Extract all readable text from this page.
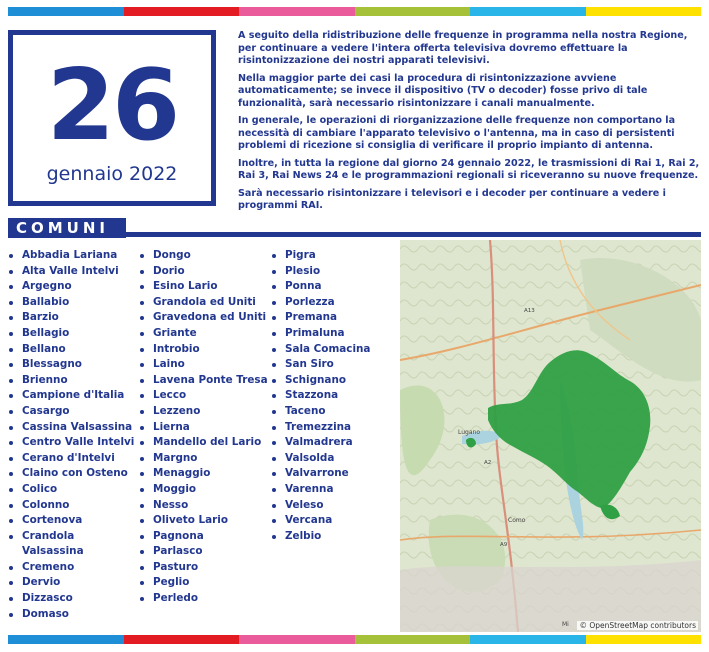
26
gennaio 2022

A seguito della ridistribuzione delle frequenze in programma nella nostra Regione, per continuare a vedere l'intera offerta televisiva dovremo effettuare la risintonizzazione dei nostri apparati televisivi.

Nella maggior parte dei casi la procedura di risintonizzazione avviene automaticamente; se invece il dispositivo (TV o decoder) fosse privo di tale funzionalità, sarà necessario risintonizzare i canali manualmente.

In generale, le operazioni di riorganizzazione delle frequenze non comportano la necessità di cambiare l'apparato televisivo o l'antenna, ma in caso di persistenti problemi di ricezione si consiglia di verificare il proprio impianto di antenna.

Inoltre, in tutta la regione dal giorno 24 gennaio 2022, le trasmissioni di Rai 1, Rai 2, Rai 3, Rai News 24 e le programmazioni regionali si riceveranno su nuove frequenze.

Sarà necessario risintonizzare i televisori e i decoder per continuare a vedere i programmi RAI.

COMUNI
Abbadia Lariana
Alta Valle Intelvi
Argegno
Ballabio
Barzio
Bellagio
Bellano
Blessagno
Brienno
Campione d'Italia
Casargo
Cassina Valsassina
Centro Valle Intelvi
Cerano d'Intelvi
Claino con Osteno
Colico
Colonno
Cortenova
Crandola Valsassina
Cremeno
Dervio
Dizzasco
Domaso
Dongo
Dorio
Esino Lario
Grandola ed Uniti
Gravedona ed Uniti
Griante
Introbio
Laino
Lavena Ponte Tresa
Lecco
Lezzeno
Lierna
Mandello del Lario
Margno
Menaggio
Moggio
Nesso
Oliveto Lario
Pagnona
Parlasco
Pasturo
Peglio
Perledo
Pigra
Plesio
Ponna
Porlezza
Premana
Primaluna
Sala Comacina
San Siro
Schignano
Stazzona
Taceno
Tremezzina
Valmadrera
Valsolda
Valvarrone
Varenna
Veleso
Vercana
Zelbio
Lugano
A2
A9
Como
A13
Mi © OpenStreetMap contributors
